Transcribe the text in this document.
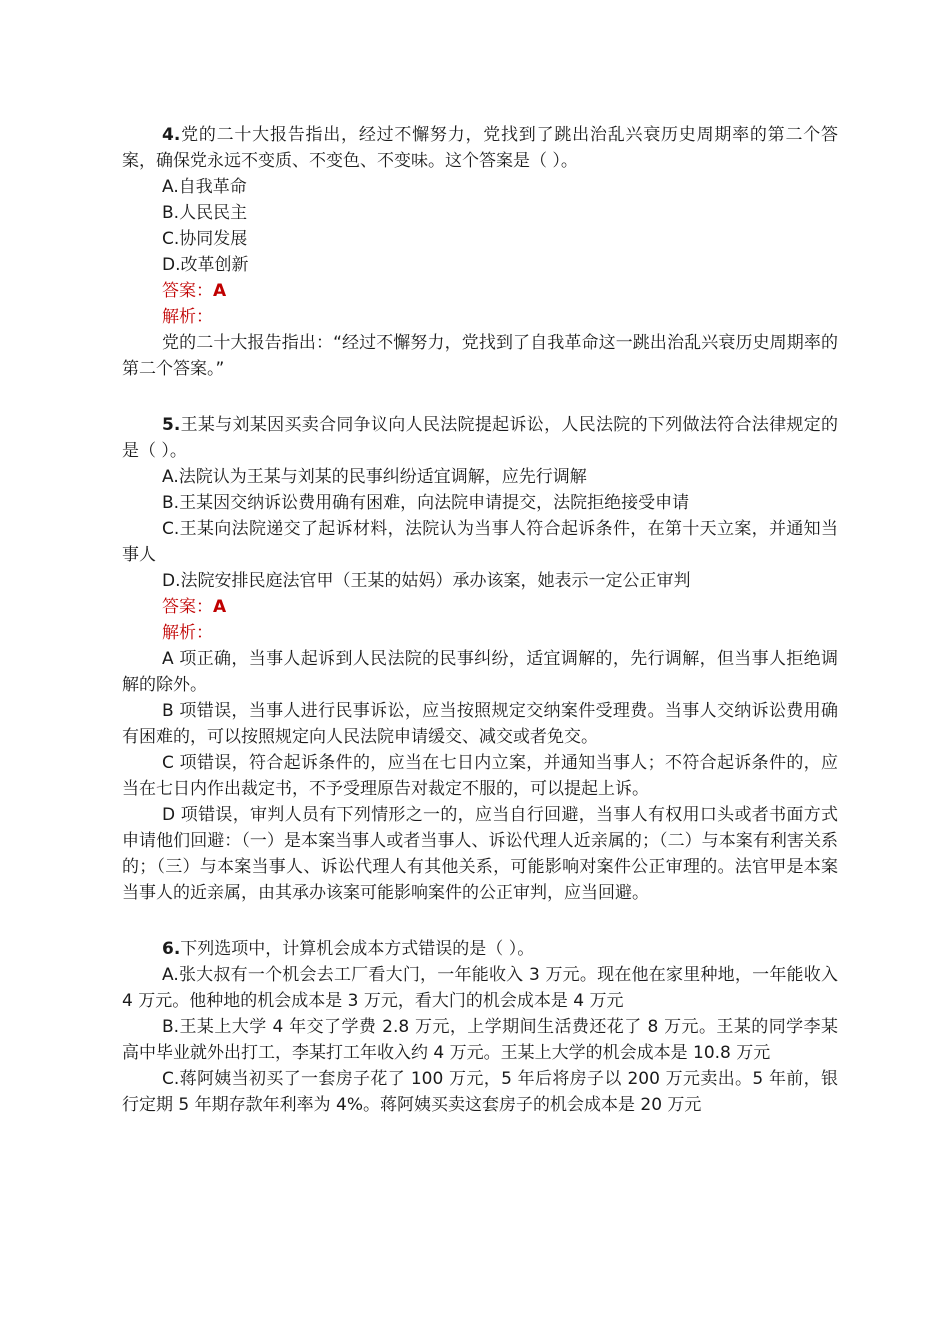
4.党的二十大报告指出，经过不懈努力，党找到了跳出治乱兴衰历史周期率的第二个答案，确保党永远不变质、不变色、不变味。这个答案是（ ）。

A.自我革命

B.人民民主

C.协同发展

D.改革创新

答案：A

解析：

党的二十大报告指出：“经过不懈努力，党找到了自我革命这一跳出治乱兴衰历史周期率的第二个答案。”

5.王某与刘某因买卖合同争议向人民法院提起诉讼，人民法院的下列做法符合法律规定的是（ ）。

A.法院认为王某与刘某的民事纠纷适宜调解，应先行调解

B.王某因交纳诉讼费用确有困难，向法院申请提交，法院拒绝接受申请

C.王某向法院递交了起诉材料，法院认为当事人符合起诉条件，在第十天立案，并通知当事人

D.法院安排民庭法官甲（王某的姑妈）承办该案，她表示一定公正审判

答案：A

解析：

A 项正确，当事人起诉到人民法院的民事纠纷，适宜调解的，先行调解，但当事人拒绝调解的除外。

B 项错误，当事人进行民事诉讼，应当按照规定交纳案件受理费。当事人交纳诉讼费用确有困难的，可以按照规定向人民法院申请缓交、减交或者免交。

C 项错误，符合起诉条件的，应当在七日内立案，并通知当事人；不符合起诉条件的，应当在七日内作出裁定书，不予受理原告对裁定不服的，可以提起上诉。

D 项错误，审判人员有下列情形之一的，应当自行回避，当事人有权用口头或者书面方式申请他们回避：（一）是本案当事人或者当事人、诉讼代理人近亲属的；（二）与本案有利害关系的；（三）与本案当事人、诉讼代理人有其他关系，可能影响对案件公正审理的。法官甲是本案当事人的近亲属，由其承办该案可能影响案件的公正审判，应当回避。

6.下列选项中，计算机会成本方式错误的是（ ）。

A.张大叔有一个机会去工厂看大门，一年能收入 3 万元。现在他在家里种地，一年能收入 4 万元。他种地的机会成本是 3 万元，看大门的机会成本是 4 万元

B.王某上大学 4 年交了学费 2.8 万元，上学期间生活费还花了 8 万元。王某的同学李某高中毕业就外出打工，李某打工年收入约 4 万元。王某上大学的机会成本是 10.8 万元

C.蒋阿姨当初买了一套房子花了 100 万元，5 年后将房子以 200 万元卖出。5 年前，银行定期 5 年期存款年利率为 4%。蒋阿姨买卖这套房子的机会成本是 20 万元
